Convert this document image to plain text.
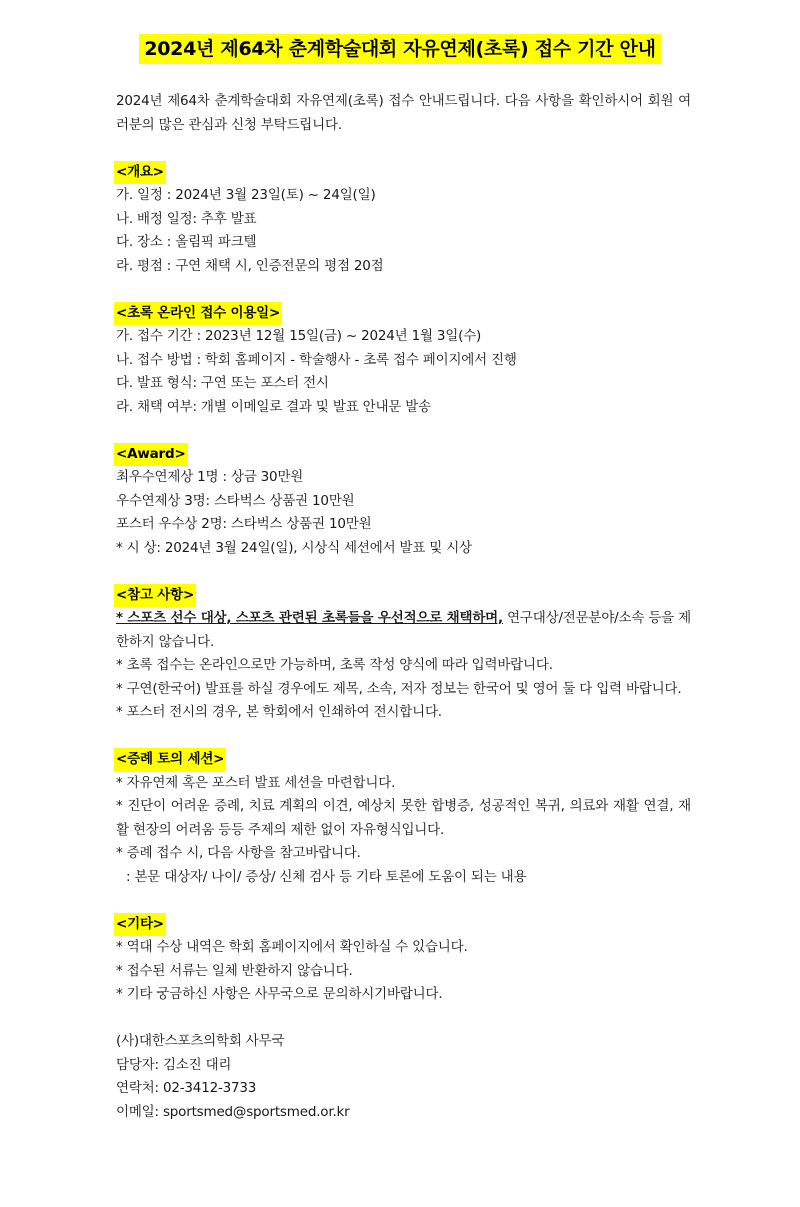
2024년 제64차 춘계학술대회 자유연제(초록) 접수 기간 안내

2024년 제64차 춘계학술대회 자유연제(초록) 접수 안내드립니다. 다음 사항을 확인하시어 회원 여러분의 많은 관심과 신청 부탁드립니다.

<개요>

가. 일정 : 2024년 3월 23일(토) ~ 24일(일)

나. 배정 일정: 추후 발표

다. 장소 : 올림픽 파크텔

라. 평점 : 구연 채택 시, 인증전문의 평점 20점

<초록 온라인 접수 이용일>

가. 접수 기간 : 2023년 12월 15일(금) ~ 2024년 1월 3일(수)

나. 접수 방법 : 학회 홈페이지 - 학술행사 - 초록 접수 페이지에서 진행

다. 발표 형식: 구연 또는 포스터 전시

라. 채택 여부: 개별 이메일로 결과 및 발표 안내문 발송

<Award>

최우수연제상 1명 : 상금 30만원

우수연제상 3명: 스타벅스 상품권 10만원

포스터 우수상 2명: 스타벅스 상품권 10만원

* 시 상: 2024년 3월 24일(일), 시상식 세션에서 발표 및 시상

<참고 사항>

* 스포츠 선수 대상, 스포츠 관련된 초록들을 우선적으로 채택하며, 연구대상/전문분야/소속 등을 제한하지 않습니다.

* 초록 접수는 온라인으로만 가능하며, 초록 작성 양식에 따라 입력바랍니다.

* 구연(한국어) 발표를 하실 경우에도 제목, 소속, 저자 정보는 한국어 및 영어 둘 다 입력 바랍니다.

* 포스터 전시의 경우, 본 학회에서 인쇄하여 전시합니다.

<증례 토의 세션>

* 자유연제 혹은 포스터 발표 세션을 마련합니다.

* 진단이 어려운 증례, 치료 계획의 이견, 예상치 못한 합병증, 성공적인 복귀, 의료와 재활 연결, 재활 현장의 어려움 등등 주제의 제한 없이 자유형식입니다.

* 증례 접수 시, 다음 사항을 참고바랍니다.

: 본문 대상자/ 나이/ 증상/ 신체 검사 등 기타 토론에 도움이 되는 내용

<기타>

* 역대 수상 내역은 학회 홈페이지에서 확인하실 수 있습니다.

* 접수된 서류는 일체 반환하지 않습니다.

* 기타 궁금하신 사항은 사무국으로 문의하시기바랍니다.

(사)대한스포츠의학회 사무국

담당자: 김소진 대리

연락처: 02-3412-3733

이메일: sportsmed@sportsmed.or.kr
